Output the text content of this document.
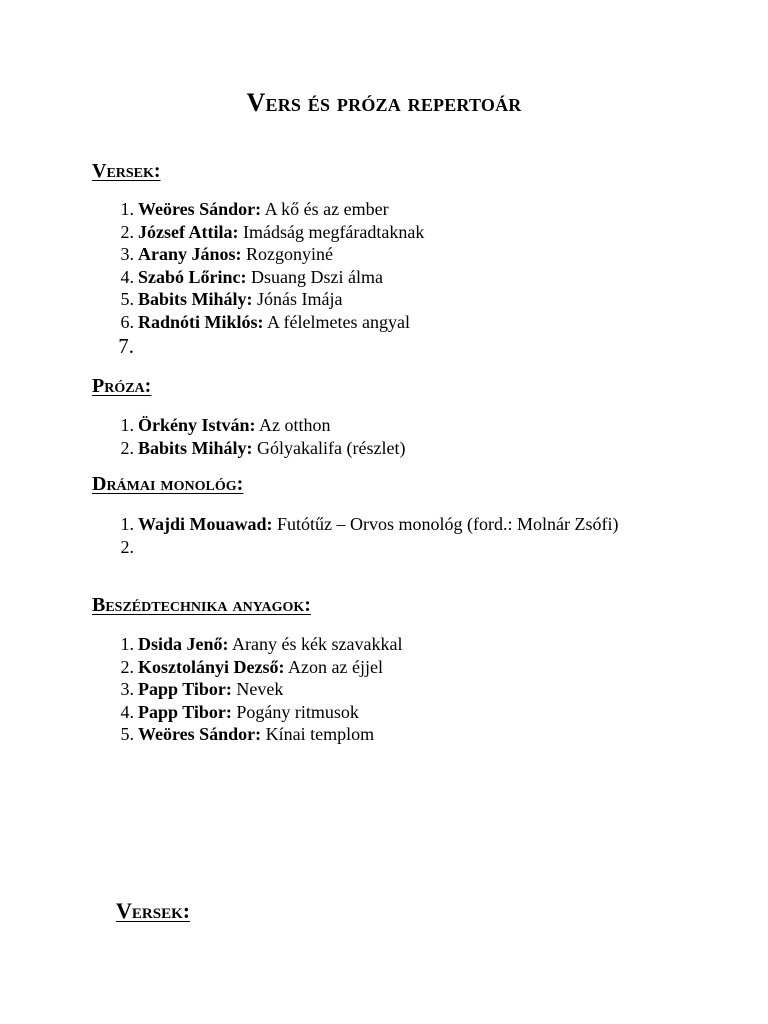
Vers és próza repertoár
Versek:
1. Weöres Sándor: A kő és az ember
2. József Attila: Imádság megfáradtaknak
3. Arany János: Rozgonyiné
4. Szabó Lőrinc: Dsuang Dszi álma
5. Babits Mihály: Jónás Imája
6. Radnóti Miklós: A félelmetes angyal
7.
Próza:
1. Örkény István: Az otthon
2. Babits Mihály: Gólyakalifa (részlet)
Drámai monológ:
1. Wajdi Mouawad: Futótűz – Orvos monológ (ford.: Molnár Zsófi)
2.
Beszédtechnika anyagok:
1. Dsida Jenő: Arany és kék szavakkal
2. Kosztolányi Dezső: Azon az éjjel
3. Papp Tibor: Nevek
4. Papp Tibor: Pogány ritmusok
5. Weöres Sándor: Kínai templom
Versek:
